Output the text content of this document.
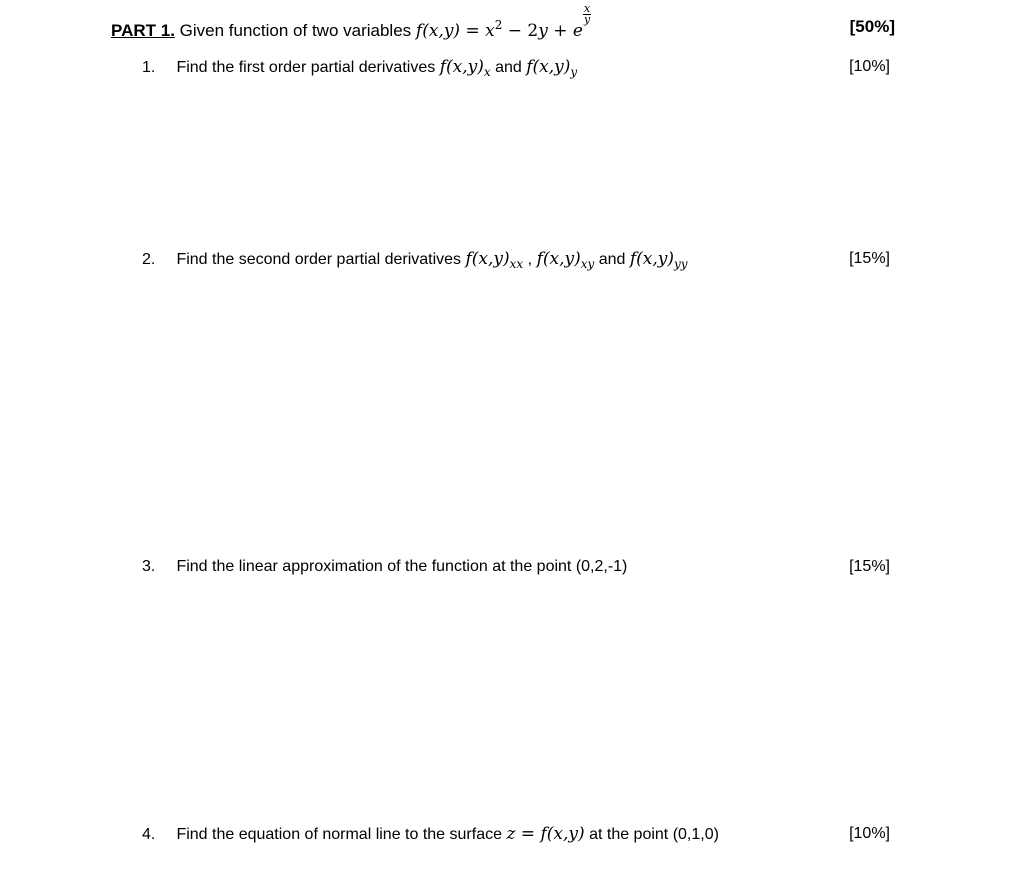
PART 1. Given function of two variables $f(x,y) = x^2 - 2y + e$
$\frac{x}{y}$
[50%]
1. Find the first order partial derivatives $f(x,y)_x$ and $f(x,y)_y$	[10%]
2. Find the second order partial derivatives $f(x,y)_{xx}$ , $f(x,y)_{xy}$ and $f(x,y)_{yy}$	[15%]
3. Find the linear approximation of the function at the point (0,2,-1)	[15%]
4. Find the equation of normal line to the surface z = f(x,y) at the point (0,1,0)	[10%]
